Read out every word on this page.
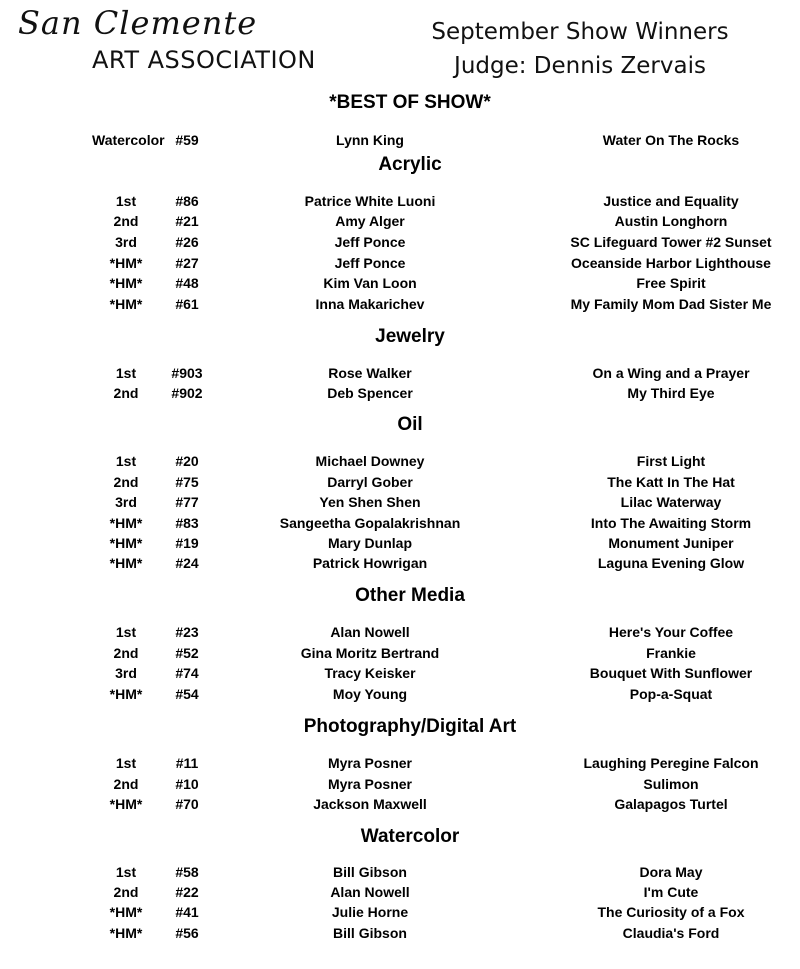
San Clemente
ART ASSOCIATION
September Show Winners
Judge: Dennis Zervais
*BEST OF SHOW*
Watercolor #59	Lynn King	Water On The Rocks
Acrylic
1st	#86	Patrice White Luoni	Justice and Equality
2nd	#21	Amy Alger	Austin Longhorn
3rd	#26	Jeff Ponce	SC Lifeguard Tower #2 Sunset
*HM*	#27	Jeff Ponce	Oceanside Harbor Lighthouse
*HM*	#48	Kim Van Loon	Free Spirit
*HM*	#61	Inna Makarichev	My Family Mom Dad Sister Me
Jewelry
1st	#903	Rose Walker	On a Wing and a Prayer
2nd	#902	Deb Spencer	My Third Eye
Oil
1st	#20	Michael Downey	First Light
2nd	#75	Darryl Gober	The Katt In The Hat
3rd	#77	Yen Shen Shen	Lilac Waterway
*HM*	#83	Sangeetha Gopalakrishnan	Into The Awaiting Storm
*HM*	#19	Mary Dunlap	Monument Juniper
*HM*	#24	Patrick Howrigan	Laguna Evening Glow
Other Media
1st	#23	Alan Nowell	Here's Your Coffee
2nd	#52	Gina Moritz Bertrand	Frankie
3rd	#74	Tracy Keisker	Bouquet With Sunflower
*HM*	#54	Moy Young	Pop-a-Squat
Photography/Digital Art
1st	#11	Myra Posner	Laughing Peregine Falcon
2nd	#10	Myra Posner	Sulimon
*HM*	#70	Jackson Maxwell	Galapagos Turtel
Watercolor
1st	#58	Bill Gibson	Dora May
2nd	#22	Alan Nowell	I'm Cute
*HM*	#41	Julie Horne	The Curiosity of a Fox
*HM*	#56	Bill Gibson	Claudia's Ford
